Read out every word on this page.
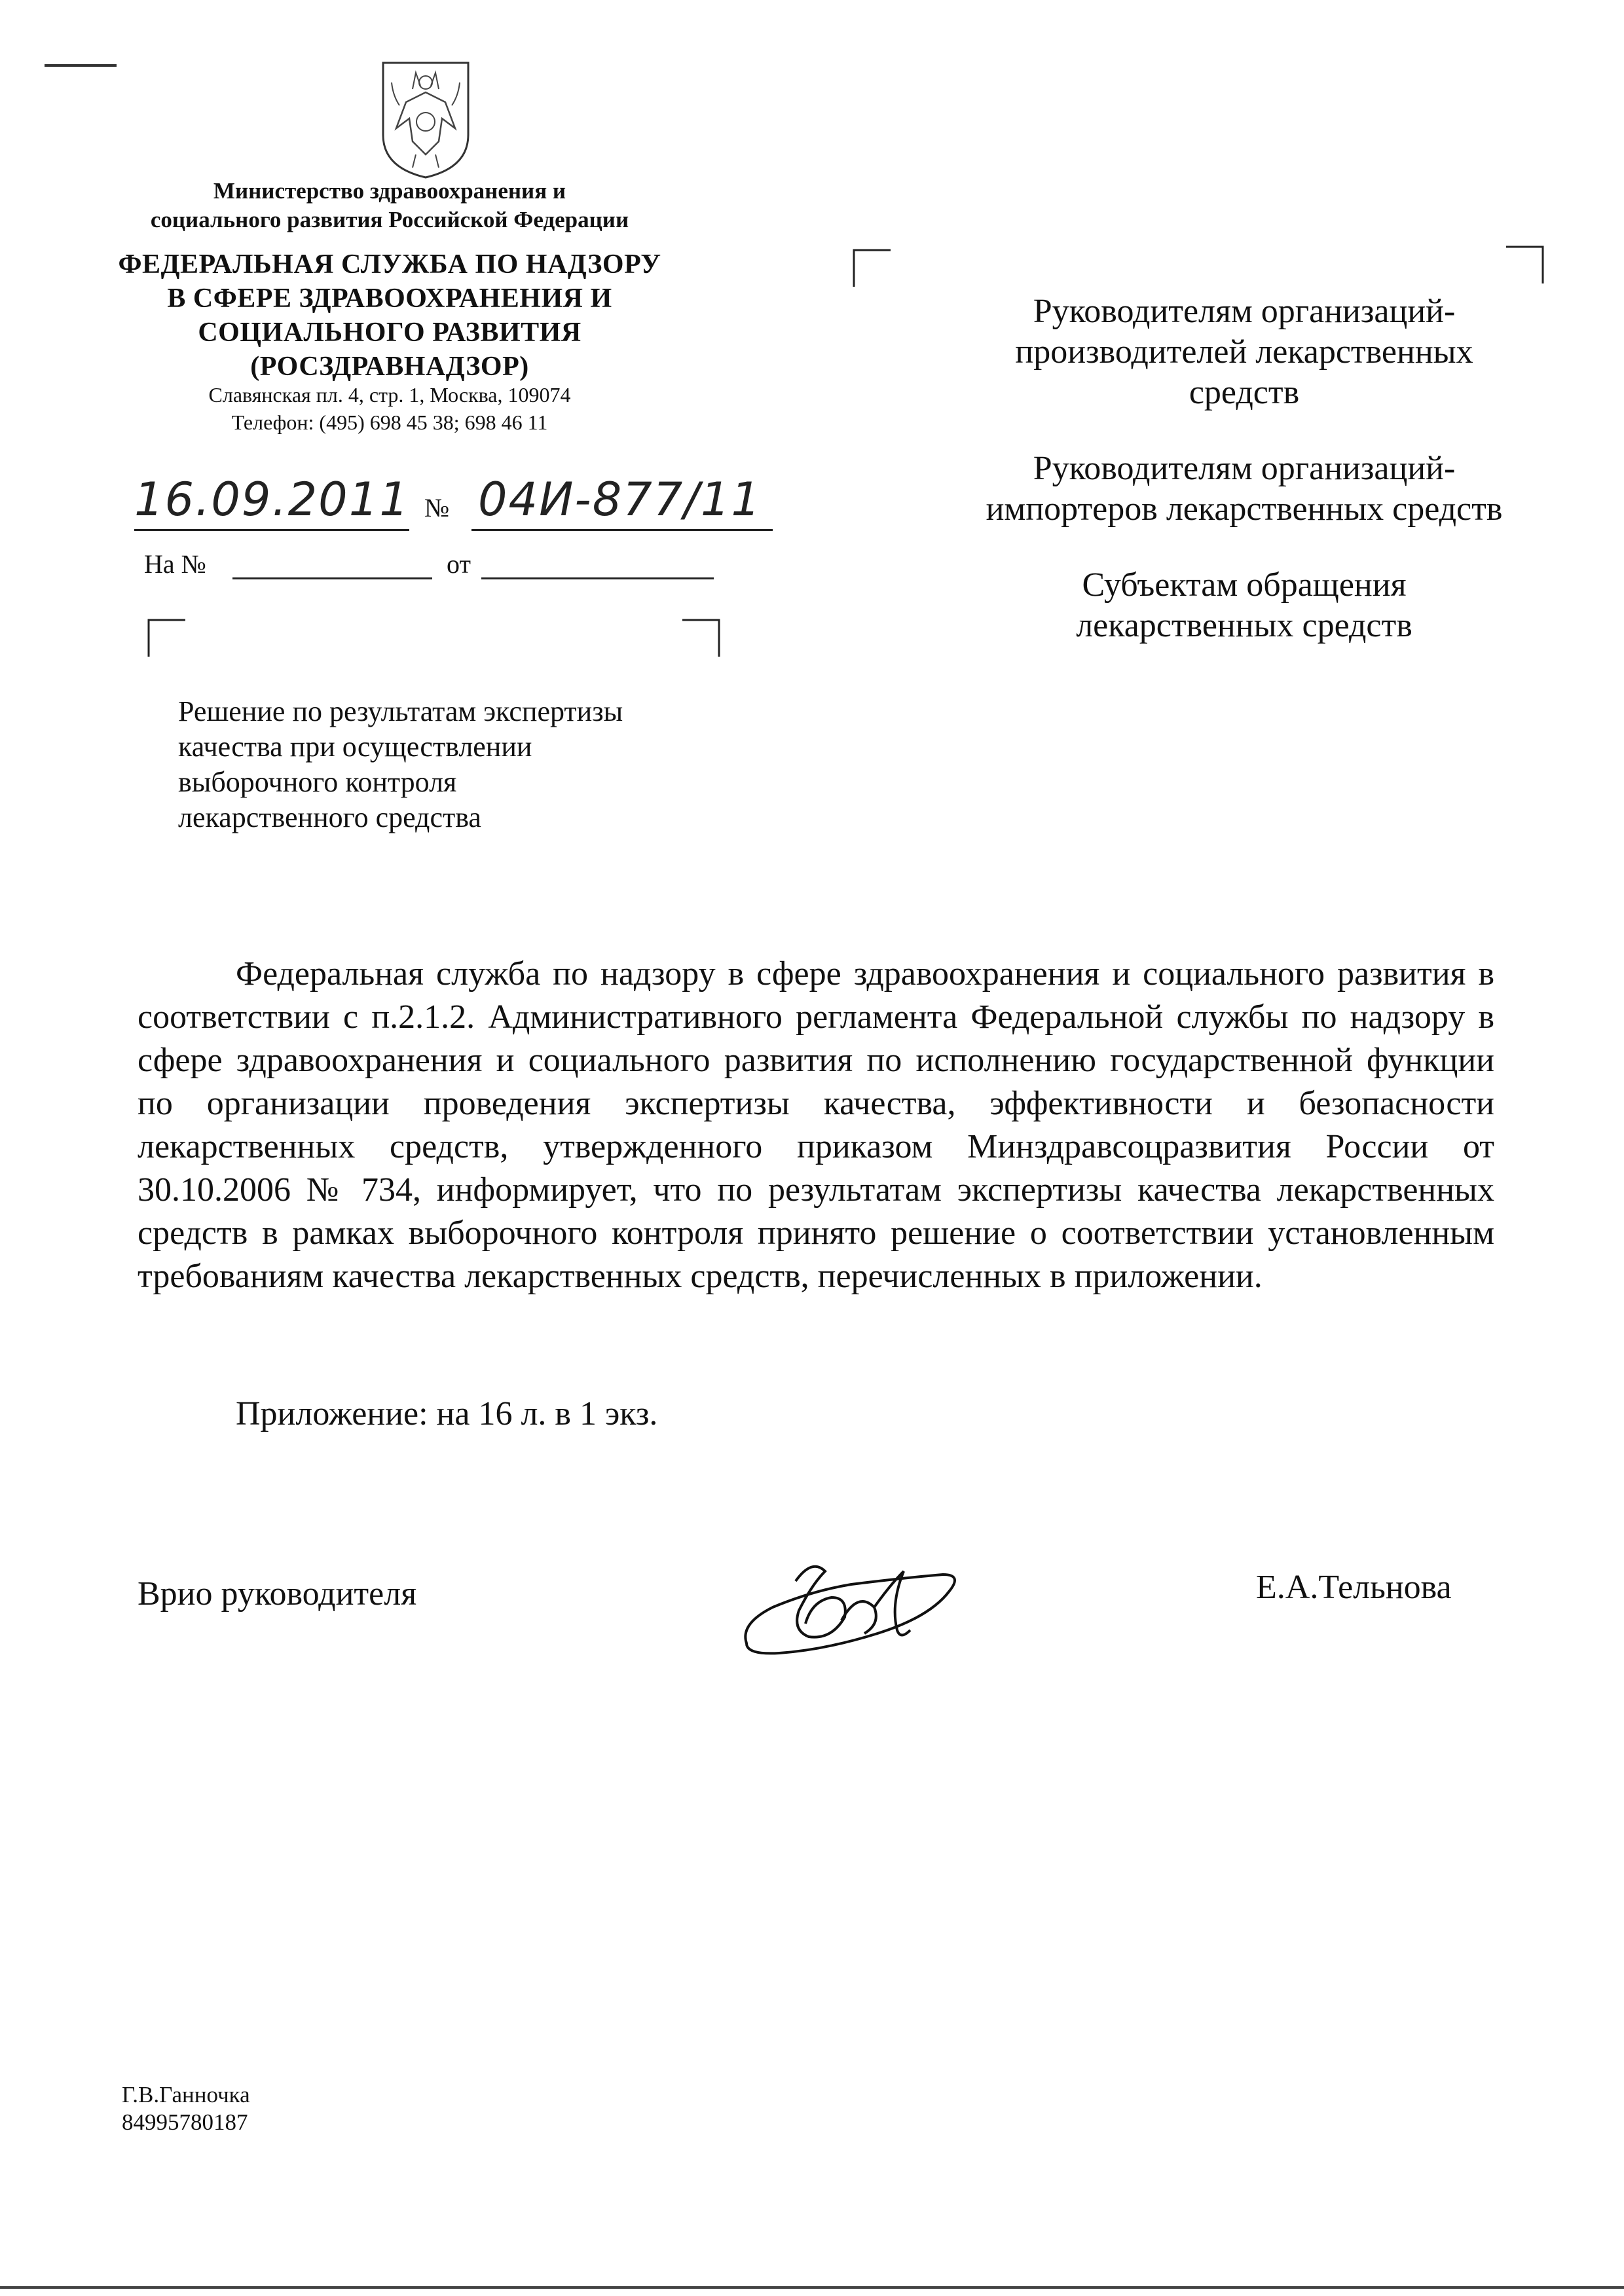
Министерство здравоохранения и
социального развития Российской Федерации
ФЕДЕРАЛЬНАЯ СЛУЖБА ПО НАДЗОРУ
В СФЕРЕ ЗДРАВООХРАНЕНИЯ И
СОЦИАЛЬНОГО РАЗВИТИЯ
(РОСЗДРАВНАДЗОР)
Славянская пл. 4, стр. 1, Москва, 109074
Телефон: (495) 698 45 38; 698 46 11
16.09.2011 № 04И-877/11
На №	от
Решение по результатам экспертизы
качества при осуществлении
выборочного контроля
лекарственного средства
Руководителям организаций-
производителей лекарственных
средств
Руководителям организаций-
импортеров лекарственных средств
Субъектам обращения
лекарственных средств
Федеральная служба по надзору в сфере здравоохранения и социального развития в соответствии с п.2.1.2. Административного регламента Федеральной службы по надзору в сфере здравоохранения и социального развития по исполнению государственной функции по организации проведения экспертизы качества, эффективности и безопасности лекарственных средств, утвержденного приказом Минздравсоцразвития России от 30.10.2006 № 734, информирует, что по результатам экспертизы качества лекарственных средств в рамках выборочного контроля принято решение о соответствии установленным требованиям качества лекарственных средств, перечисленных в приложении.
Приложение: на 16 л. в 1 экз.
Врио руководителя	Е.А.Тельнова
Г.В.Ганночка
84995780187
